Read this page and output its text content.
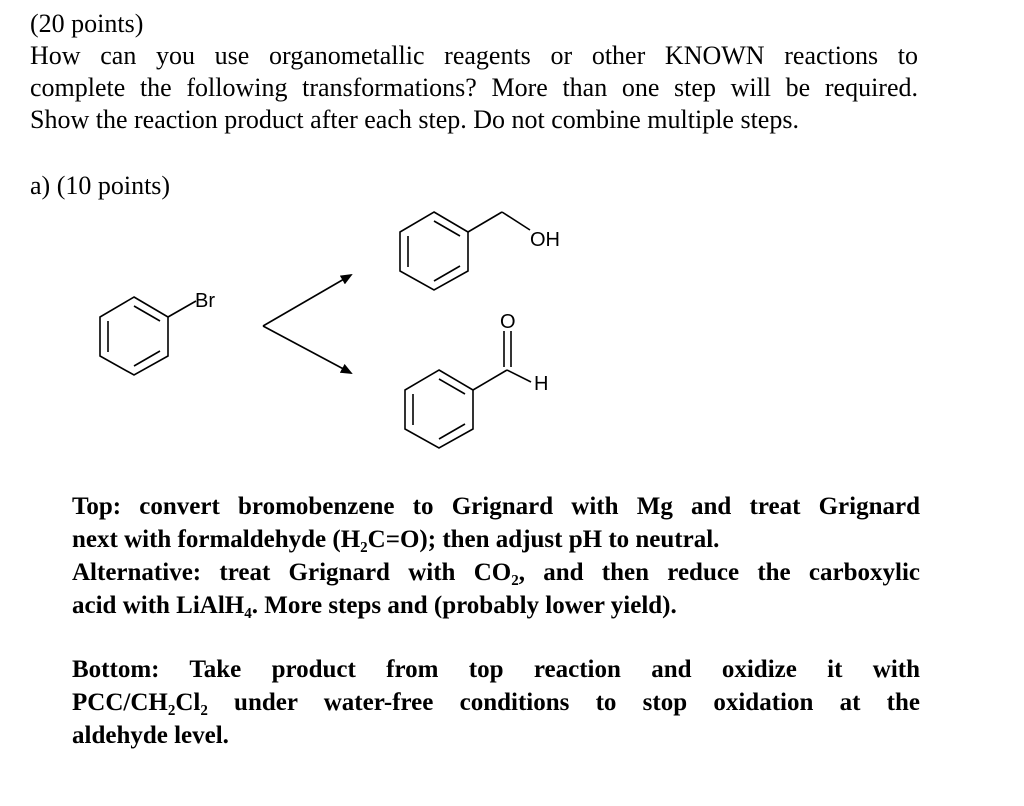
(20 points)
How can you use organometallic reagents or other KNOWN reactions to
complete the following transformations? More than one step will be required.
Show the reaction product after each step. Do not combine multiple steps.
a) (10 points)
Br
OH
O
H
Top: convert bromobenzene to Grignard with Mg and treat Grignard
next with formaldehyde (H₂C=O); then adjust pH to neutral.
Alternative: treat Grignard with CO₂, and then reduce the carboxylic
acid with LiAlH₄. More steps and (probably lower yield).
Bottom: Take product from top reaction and oxidize it with
PCC/CH₂Cl₂ under water-free conditions to stop oxidation at the
aldehyde level.
